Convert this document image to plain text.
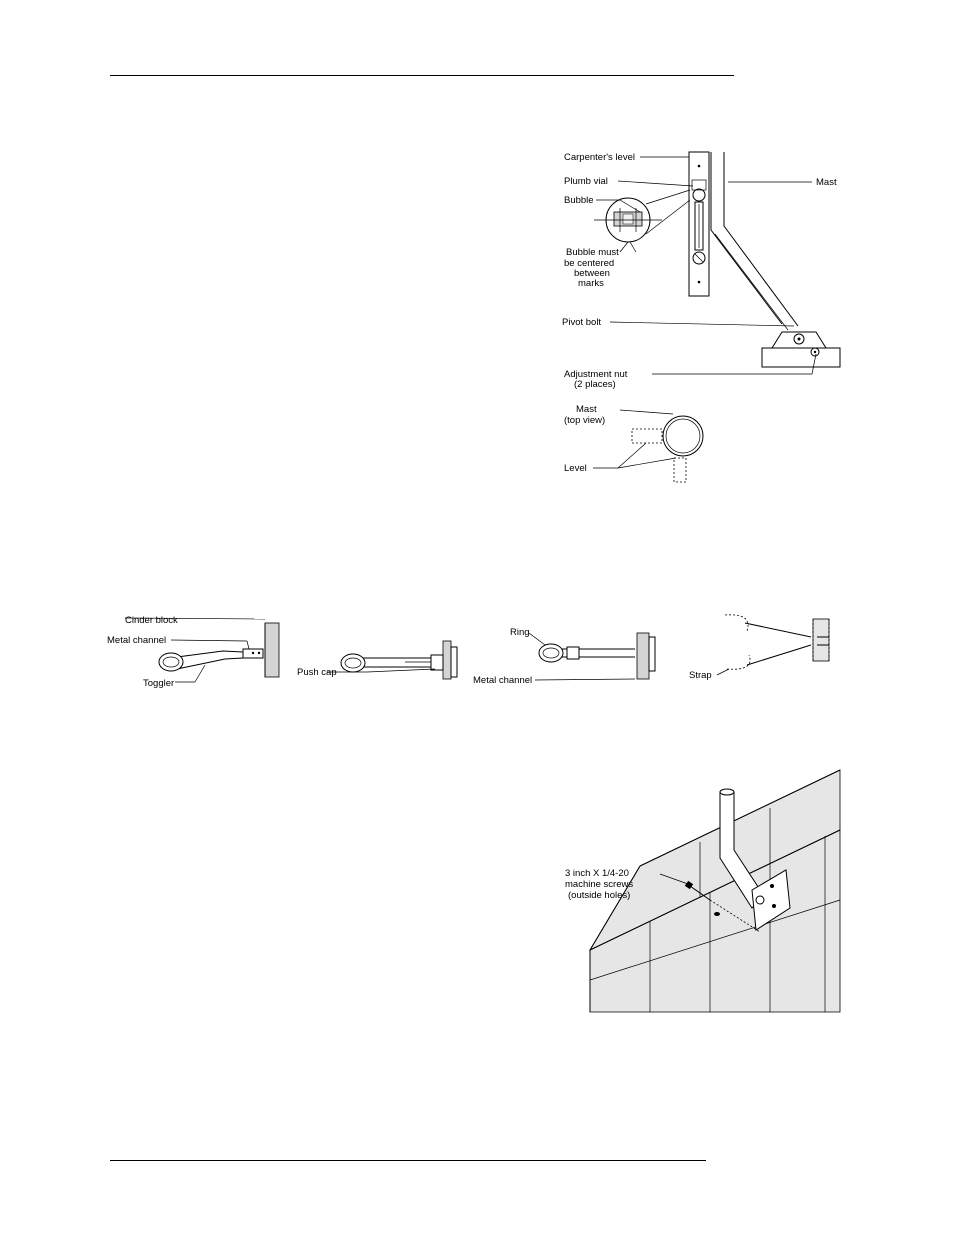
Carpenter's level
Plumb vial
Bubble
Bubble must
be centered
between
marks
Mast
Pivot bolt
Adjustment nut
(2 places)
Mast
(top view)
Level
Cinder block
Metal channel
Toggler
Push cap
Ring
Metal channel	Strap
3 inch X 1/4-20
machine screws
(outside holes)
